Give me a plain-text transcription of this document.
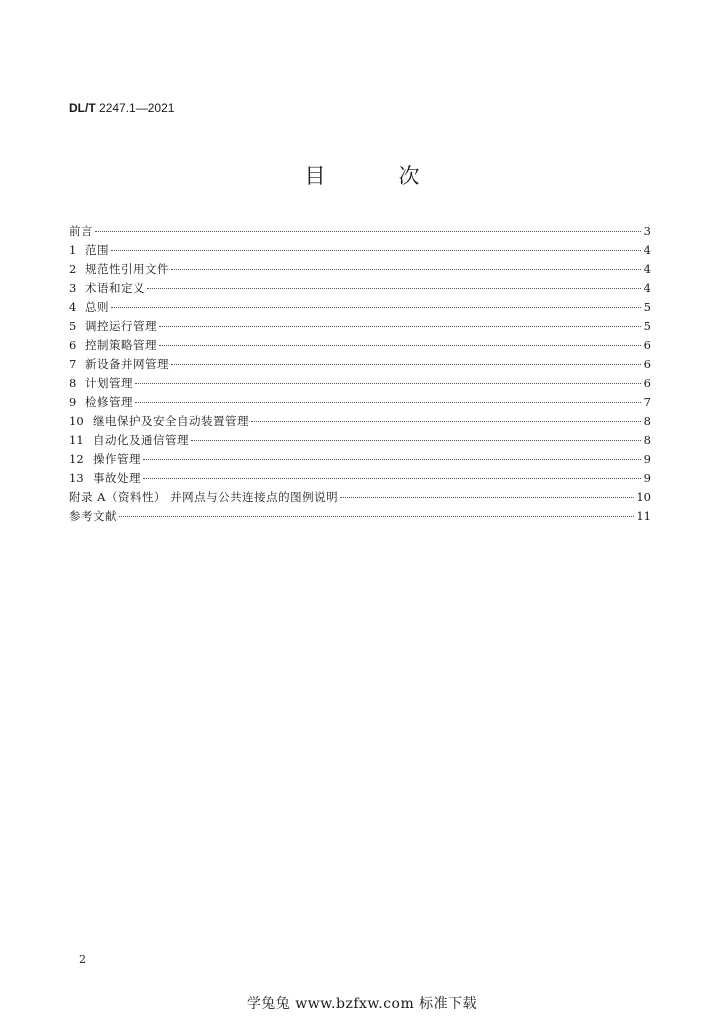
DL/T 2247.1—2021
目　次
前言	3
1 范围	4
2 规范性引用文件	4
3 术语和定义	4
4 总则	5
5 调控运行管理	5
6 控制策略管理	6
7 新设备并网管理	6
8 计划管理	6
9 检修管理	7
10 继电保护及安全自动装置管理	8
11 自动化及通信管理	8
12 操作管理	9
13 事故处理	9
附录 A（资料性） 并网点与公共连接点的图例说明	10
参考文献	11
2
学兔兔 www.bzfxw.com 标准下载
